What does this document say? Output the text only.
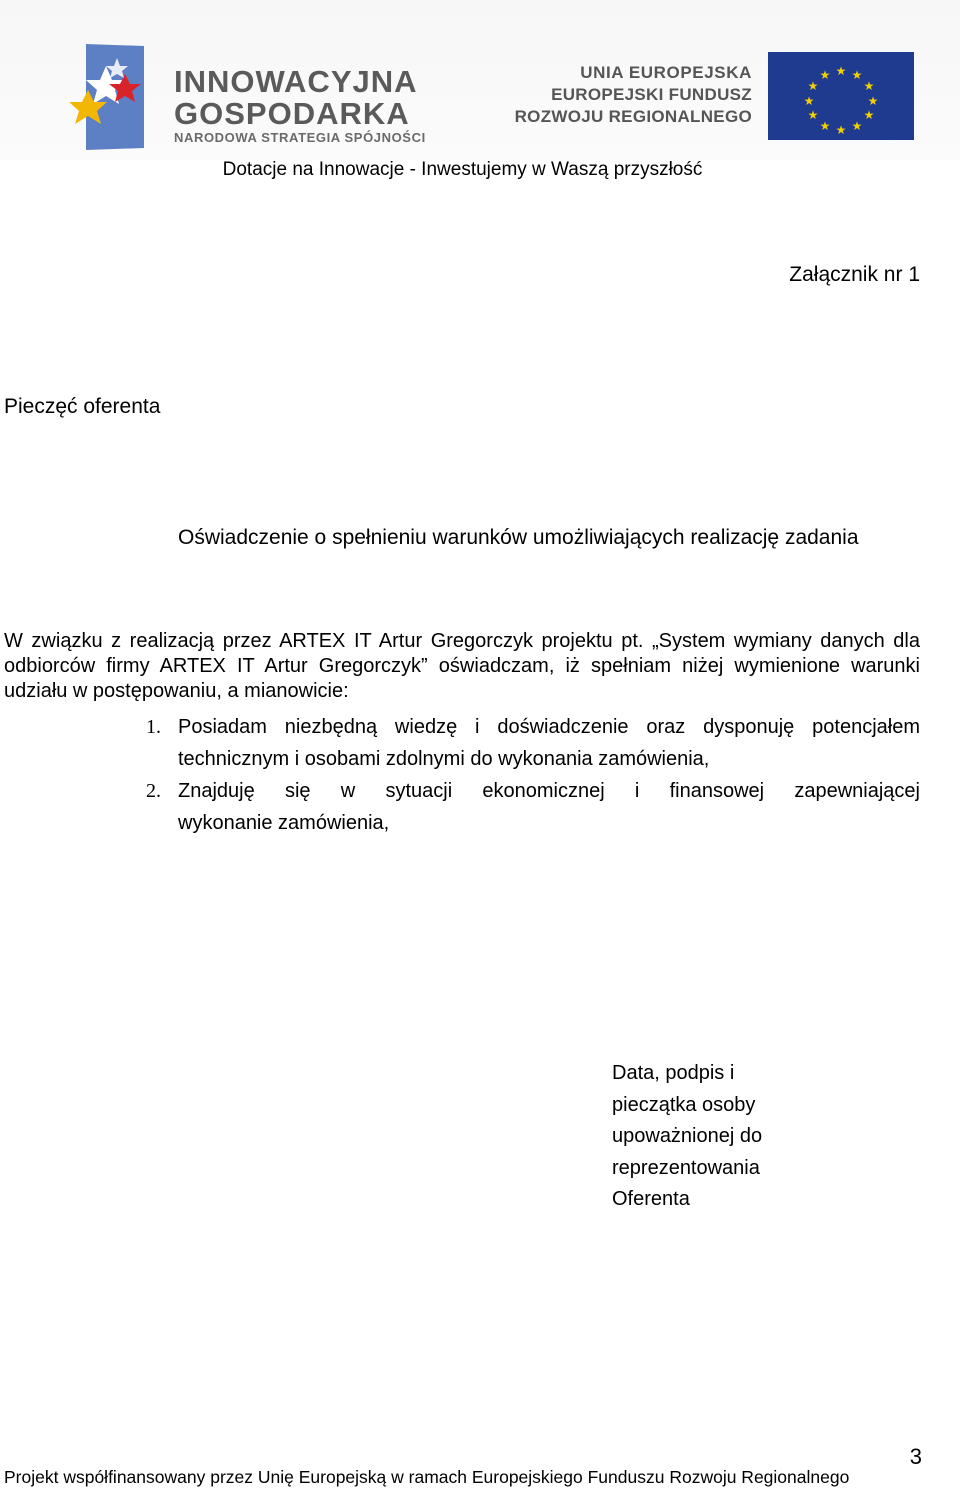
INNOWACYJNA
GOSPODARKA
NARODOWA STRATEGIA SPÓJNOŚCI
UNIA EUROPEJSKA
EUROPEJSKI FUNDUSZ
ROZWOJU REGIONALNEGO
★ ★
★
★
★
★
★
★
★
★
★
★
Dotacje na Innowacje - Inwestujemy w Waszą przyszłość
Załącznik nr 1
Pieczęć oferenta
Oświadczenie o spełnieniu warunków umożliwiających realizację zadania
W związku z realizacją przez ARTEX IT Artur Gregorczyk projektu pt. „System wymiany danych dla odbiorców firmy ARTEX IT Artur Gregorczyk” oświadczam, iż spełniam niżej wymienione warunki udziału w postępowaniu, a mianowicie:
1. Posiadam niezbędną wiedzę i doświadczenie oraz dysponuję potencjałem
technicznym i osobami zdolnymi do wykonania zamówienia,
2. Znajduję się w sytuacji ekonomicznej i finansowej zapewniającej
wykonanie zamówienia,
Data, podpis i
pieczątka osoby
upoważnionej do
reprezentowania
Oferenta
Projekt współfinansowany przez Unię Europejską w ramach Europejskiego Funduszu Rozwoju Regionalnego
3
